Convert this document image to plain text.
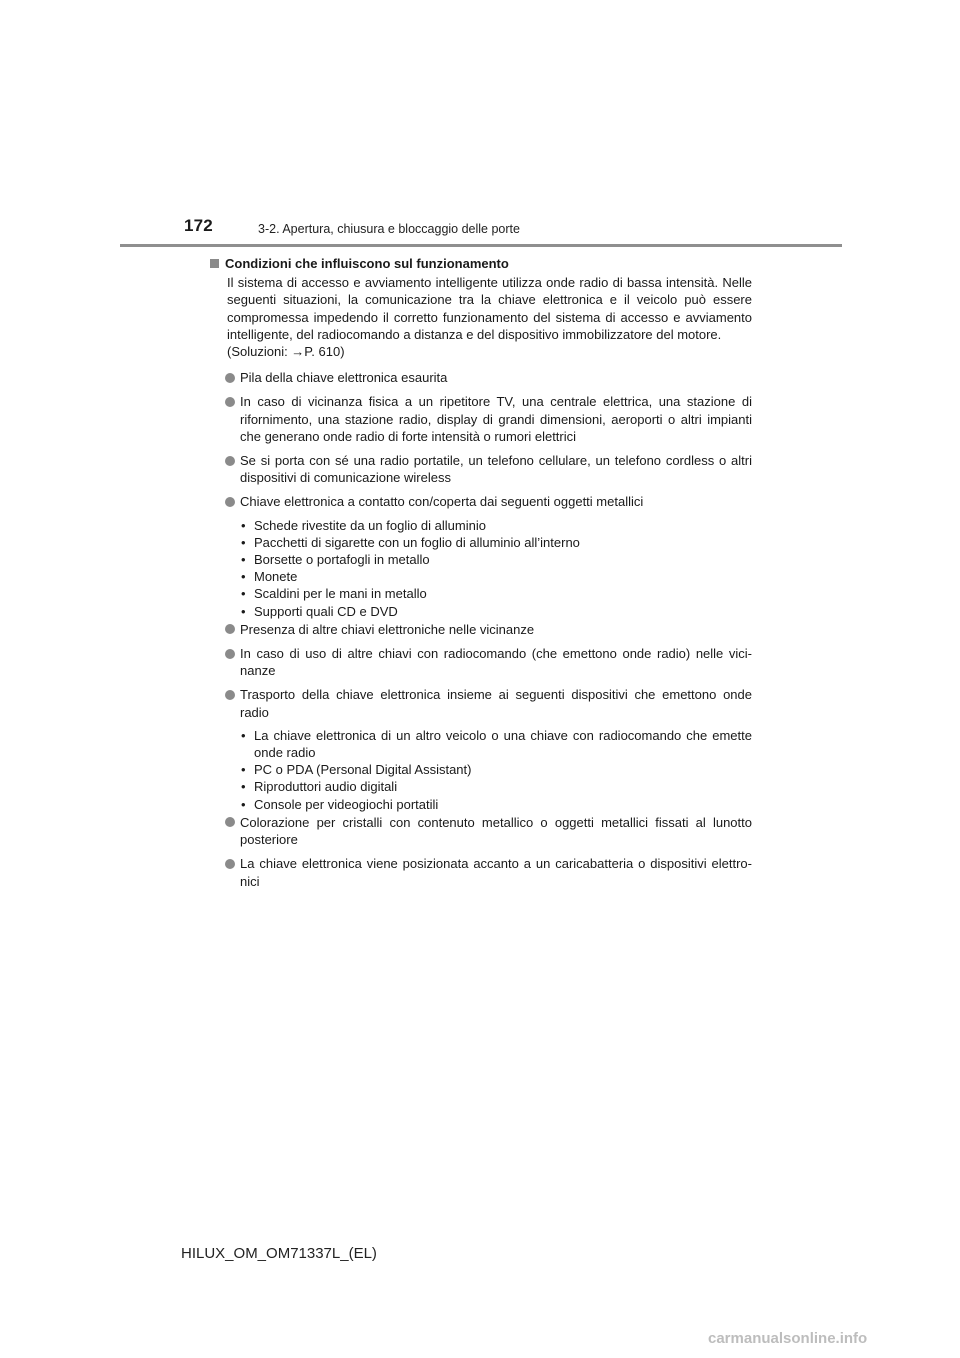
172	3-2. Apertura, chiusura e bloccaggio delle porte
Condizioni che influiscono sul funzionamento
Il sistema di accesso e avviamento intelligente utilizza onde radio di bassa intensità. Nelle seguenti situazioni, la comunicazione tra la chiave elettronica e il veicolo può essere compromessa impedendo il corretto funzionamento del sistema di accesso e avviamento intelligente, del radiocomando a distanza e del dispositivo immobilizzatore del motore.
(Soluzioni: →P. 610)
Pila della chiave elettronica esaurita
In caso di vicinanza fisica a un ripetitore TV, una centrale elettrica, una stazione di rifornimento, una stazione radio, display di grandi dimensioni, aeroporti o altri impianti che generano onde radio di forte intensità o rumori elettrici
Se si porta con sé una radio portatile, un telefono cellulare, un telefono cordless o altri dispositivi di comunicazione wireless
Chiave elettronica a contatto con/coperta dai seguenti oggetti metallici
• Schede rivestite da un foglio di alluminio
• Pacchetti di sigarette con un foglio di alluminio all’interno
• Borsette o portafogli in metallo
• Monete
• Scaldini per le mani in metallo
• Supporti quali CD e DVD
Presenza di altre chiavi elettroniche nelle vicinanze
In caso di uso di altre chiavi con radiocomando (che emettono onde radio) nelle vici-nanze
Trasporto della chiave elettronica insieme ai seguenti dispositivi che emettono onde radio
• La chiave elettronica di un altro veicolo o una chiave con radiocomando che emette onde radio
• PC o PDA (Personal Digital Assistant)
• Riproduttori audio digitali
• Console per videogiochi portatili
Colorazione per cristalli con contenuto metallico o oggetti metallici fissati al lunotto posteriore
La chiave elettronica viene posizionata accanto a un caricabatteria o dispositivi elettro-nici
HILUX_OM_OM71337L_(EL)
carmanualsonline.info
